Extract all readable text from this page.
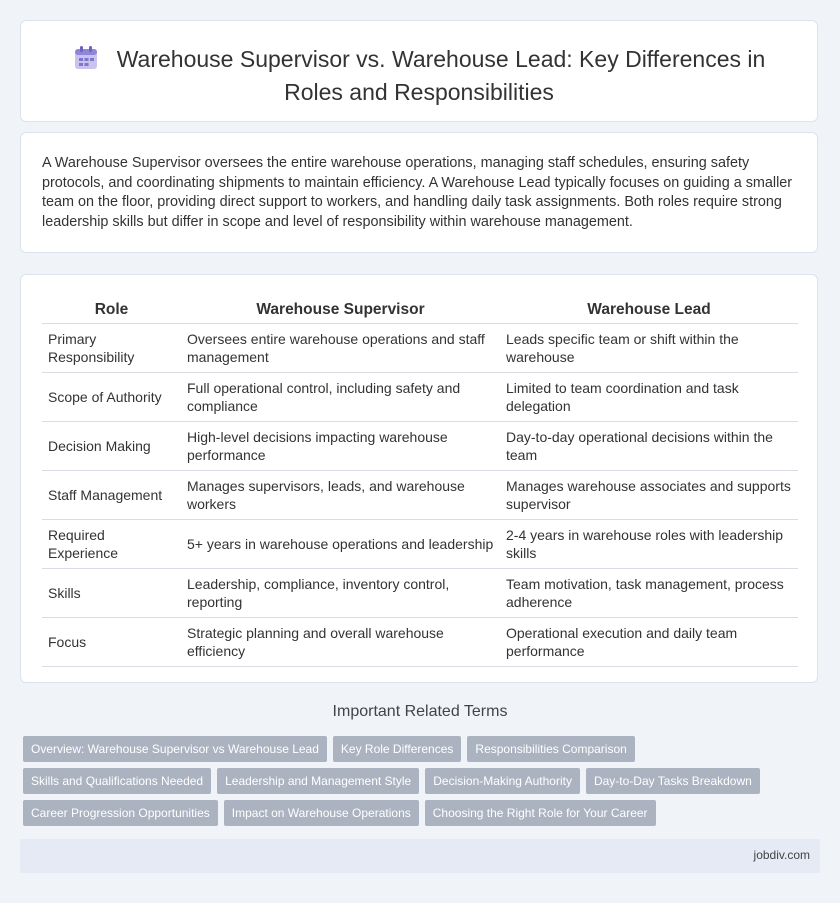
Warehouse Supervisor vs. Warehouse Lead: Key Differences in
Roles and Responsibilities
A Warehouse Supervisor oversees the entire warehouse operations, managing staff schedules, ensuring safety protocols, and coordinating shipments to maintain efficiency. A Warehouse Lead typically focuses on guiding a smaller team on the floor, providing direct support to workers, and handling daily task assignments. Both roles require strong leadership skills but differ in scope and level of responsibility within warehouse management.
Role	Warehouse Supervisor	Warehouse Lead
Primary Responsibility	Oversees entire warehouse operations and staff management	Leads specific team or shift within the warehouse
Scope of Authority	Full operational control, including safety and compliance	Limited to team coordination and task delegation
Decision Making	High-level decisions impacting warehouse performance	Day-to-day operational decisions within the team
Staff Management	Manages supervisors, leads, and warehouse workers	Manages warehouse associates and supports supervisor
Required Experience	5+ years in warehouse operations and leadership	2-4 years in warehouse roles with leadership skills
Skills	Leadership, compliance, inventory control, reporting	Team motivation, task management, process adherence
Focus	Strategic planning and overall warehouse efficiency	Operational execution and daily team performance
Important Related Terms
Overview: Warehouse Supervisor vs Warehouse Lead Key Role Differences Responsibilities Comparison
Skills and Qualifications Needed Leadership and Management Style Decision-Making Authority Day-to-Day Tasks Breakdown
Career Progression Opportunities Impact on Warehouse Operations Choosing the Right Role for Your Career
jobdiv.com
